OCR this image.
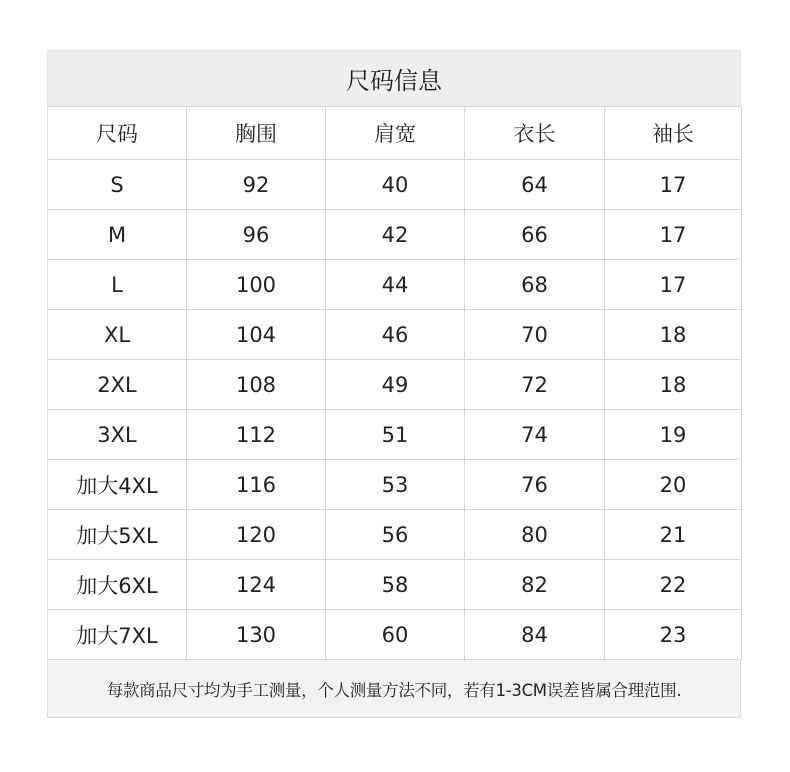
尺码信息
尺码	胸围	肩宽	衣长	袖长
S	92	40	64	17
M	96	42	66	17
L	100	44	68	17
XL	104	46	70	18
2XL	108	49	72	18
3XL	112	51	74	19
加大4XL	116	53	76	20
加大5XL	120	56	80	21
加大6XL	124	58	82	22
加大7XL	130	60	84	23
每款商品尺寸均为手工测量，个人测量方法不同，若有1-3CM误差皆属合理范围.
